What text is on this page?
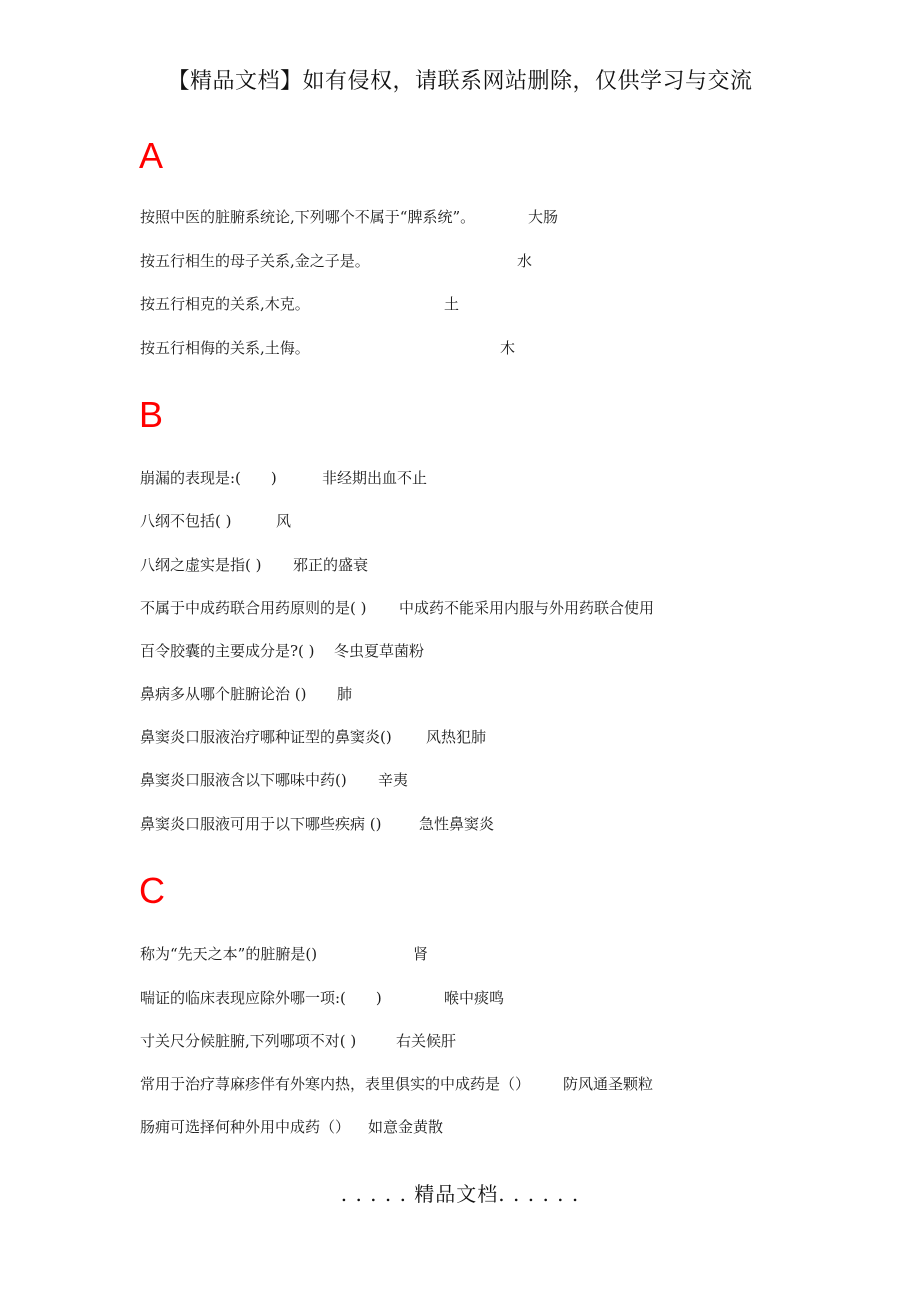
【精品文档】如有侵权，请联系网站删除，仅供学习与交流
A
按照中医的脏腑系统论,下列哪个不属于“脾系统”。	大肠
按五行相生的母子关系,金之子是。	水
按五行相克的关系,木克。	土
按五行相侮的关系,土侮。	木
B
崩漏的表现是:(　　)	非经期出血不止
八纲不包括( )	风
八纲之虚实是指( ) 邪正的盛衰
不属于中成药联合用药原则的是( ) 中成药不能采用内服与外用药联合使用
百令胶囊的主要成分是?( ) 冬虫夏草菌粉
鼻病多从哪个脏腑论治 () 肺
鼻窦炎口服液治疗哪种证型的鼻窦炎() 风热犯肺
鼻窦炎口服液含以下哪味中药() 辛夷
鼻窦炎口服液可用于以下哪些疾病 ()	急性鼻窦炎
C
称为“先天之本”的脏腑是()	肾
喘证的临床表现应除外哪一项:(　　)	喉中痰鸣
寸关尺分候脏腑,下列哪项不对( )	右关候肝
常用于治疗荨麻疹伴有外寒内热，表里俱实的中成药是（） 防风通圣颗粒
肠痈可选择何种外用中成药（） 如意金黄散
. . . . . 精品文档. . . . . .
